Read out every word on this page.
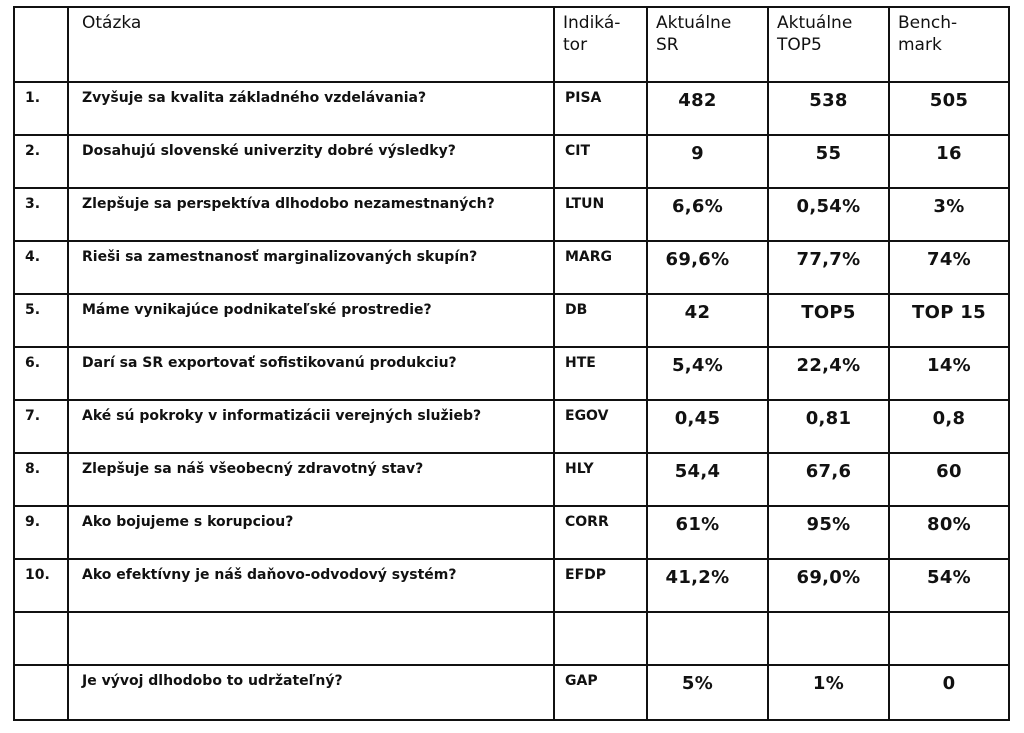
	Otázka	Indiká-tor	Aktuálne SR	Aktuálne TOP5	Bench-mark
1.	Zvyšuje sa kvalita základného vzdelávania?	PISA	482	538	505
2.	Dosahujú slovenské univerzity dobré výsledky?	CIT	9	55	16
3.	Zlepšuje sa perspektíva dlhodobo nezamestnaných?	LTUN	6,6%	0,54%	3%
4.	Rieši sa zamestnanosť marginalizovaných skupín?	MARG	69,6%	77,7%	74%
5.	Máme vynikajúce podnikateľské prostredie?	DB	42	TOP5	TOP 15
6.	Darí sa SR exportovať sofistikovanú produkciu?	HTE	5,4%	22,4%	14%
7.	Aké sú pokroky v informatizácii verejných služieb?	EGOV	0,45	0,81	0,8
8.	Zlepšuje sa náš všeobecný zdravotný stav?	HLY	54,4	67,6	60
9.	Ako bojujeme s korupciou?	CORR	61%	95%	80%
10.	Ako efektívny je náš daňovo-odvodový systém?	EFDP	41,2%	69,0%	54%

	Je vývoj dlhodobo to udržateľný?	GAP	5%	1%	0
